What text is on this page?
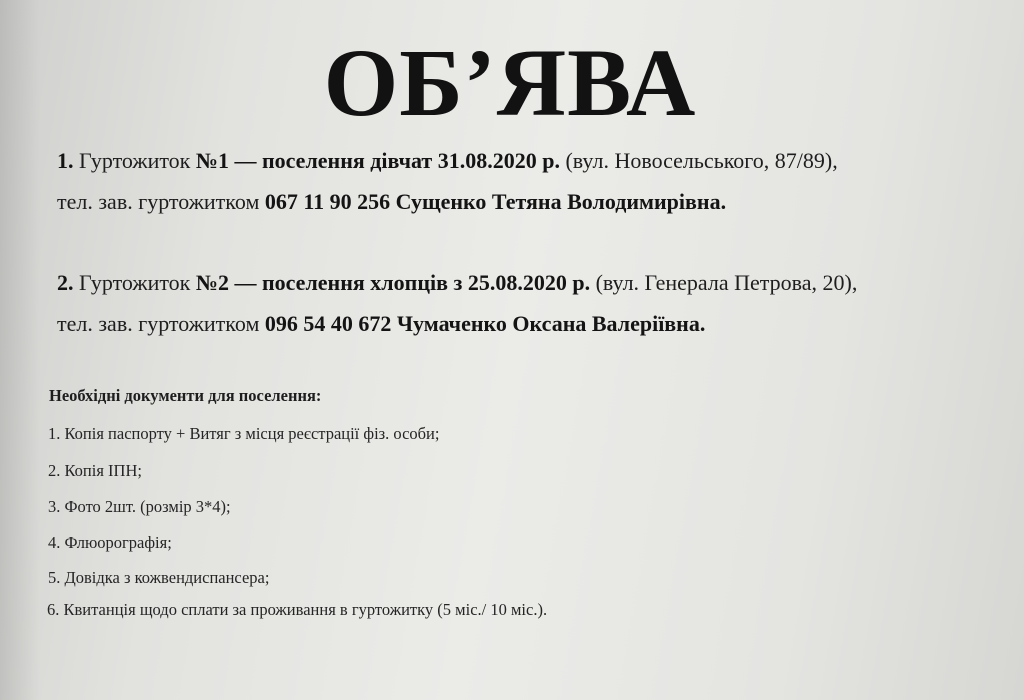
ОБ’ЯВА
1. Гуртожиток №1 — поселення дівчат 31.08.2020 р. (вул. Новосельського, 87/89),
тел. зав. гуртожитком 067 11 90 256 Сущенко Тетяна Володимирівна.
2. Гуртожиток №2 — поселення хлопців з 25.08.2020 р. (вул. Генерала Петрова, 20),
тел. зав. гуртожитком 096 54 40 672 Чумаченко Оксана Валеріївна.
Необхідні документи для поселення:
1. Копія паспорту + Витяг з місця реєстрації фіз. особи;
2. Копія ІПН;
3. Фото 2шт. (розмір 3*4);
4. Флюорографія;
5. Довідка з кожвендиспансера;
6. Квитанція щодо сплати за проживання в гуртожитку (5 міс./ 10 міс.).
